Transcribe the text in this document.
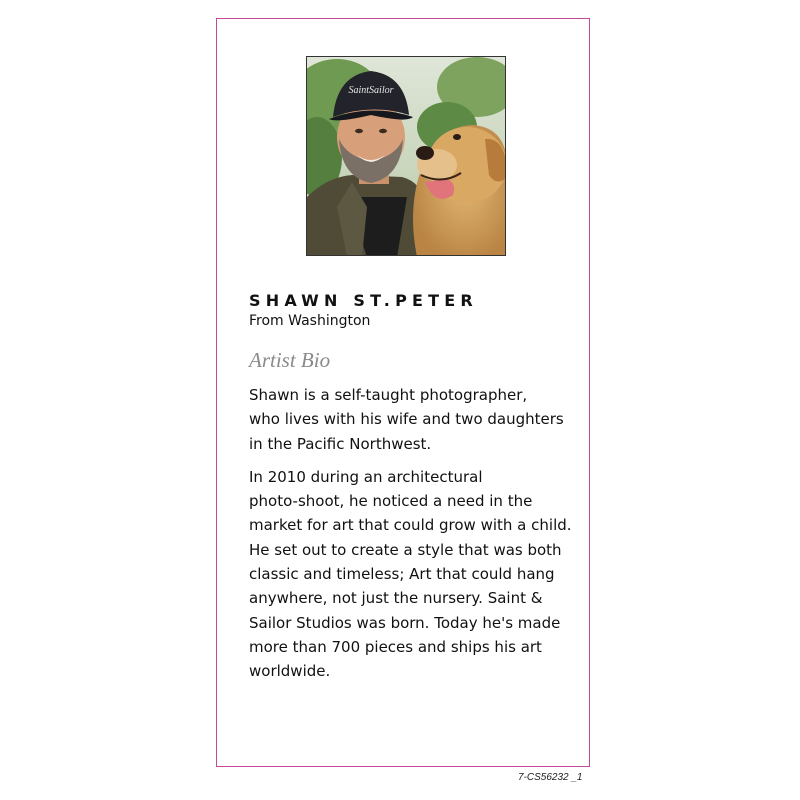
SaintSailor
SHAWN ST.PETER
From Washington
Artist Bio

Shawn is a self-taught photographer,
who lives with his wife and two daughters
in the Pacific Northwest.

In 2010 during an architectural
photo-shoot, he noticed a need in the
market for art that could grow with a child.
He set out to create a style that was both
classic and timeless; Art that could hang
anywhere, not just the nursery. Saint &
Sailor Studios was born. Today he's made
more than 700 pieces and ships his art
worldwide.

7-CS56232 _1
